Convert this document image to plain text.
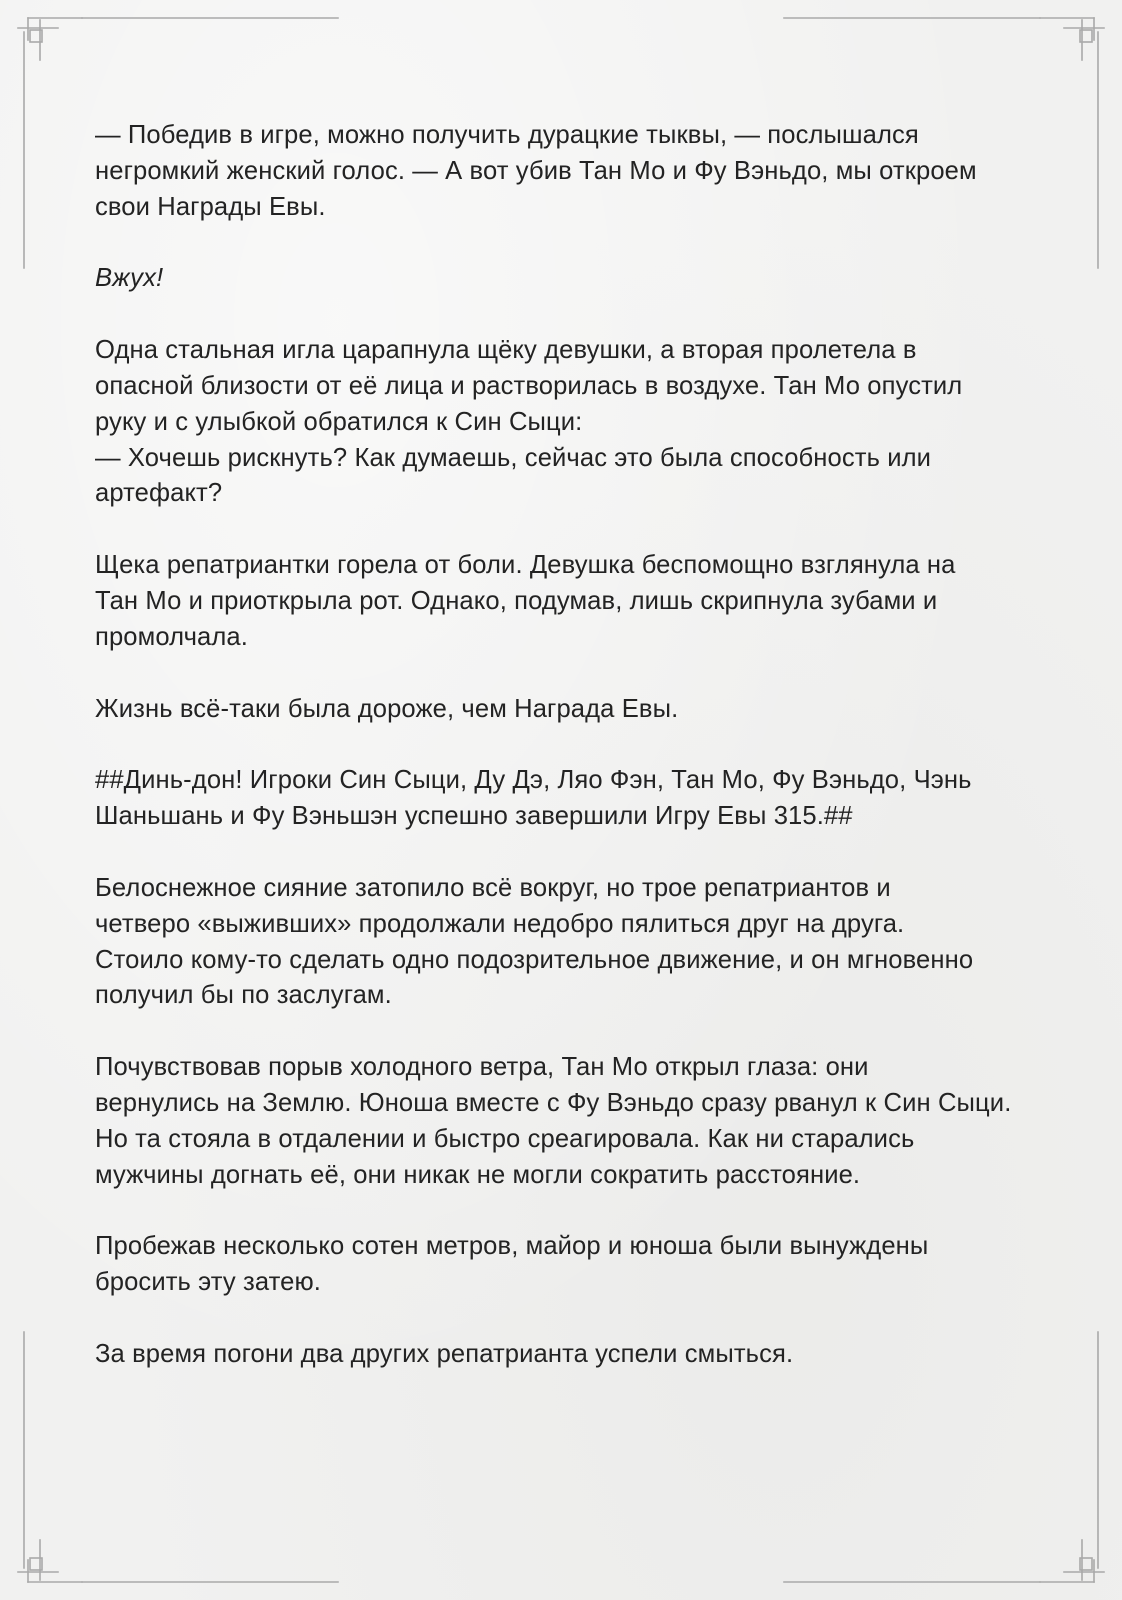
— Победив в игре, можно получить дурацкие тыквы, — послышался
негромкий женский голос. — А вот убив Тан Мо и Фу Вэньдо, мы откроем
свои Награды Евы.

Вжух!

Одна стальная игла царапнула щёку девушки, а вторая пролетела в
опасной близости от её лица и растворилась в воздухе. Тан Мо опустил
руку и с улыбкой обратился к Син Сыци:
— Хочешь рискнуть? Как думаешь, сейчас это была способность или
артефакт?

Щека репатриантки горела от боли. Девушка беспомощно взглянула на
Тан Мо и приоткрыла рот. Однако, подумав, лишь скрипнула зубами и
промолчала.

Жизнь всё-таки была дороже, чем Награда Евы.

##Динь-дон! Игроки Син Сыци, Ду Дэ, Ляо Фэн, Тан Мо, Фу Вэньдо, Чэнь
Шаньшань и Фу Вэньшэн успешно завершили Игру Евы 315.##

Белоснежное сияние затопило всё вокруг, но трое репатриантов и
четверо «выживших» продолжали недобро пялиться друг на друга.
Стоило кому-то сделать одно подозрительное движение, и он мгновенно
получил бы по заслугам.

Почувствовав порыв холодного ветра, Тан Мо открыл глаза: они
вернулись на Землю. Юноша вместе с Фу Вэньдо сразу рванул к Син Сыци.
Но та стояла в отдалении и быстро среагировала. Как ни старались
мужчины догнать её, они никак не могли сократить расстояние.

Пробежав несколько сотен метров, майор и юноша были вынуждены
бросить эту затею.

За время погони два других репатрианта успели смыться.
